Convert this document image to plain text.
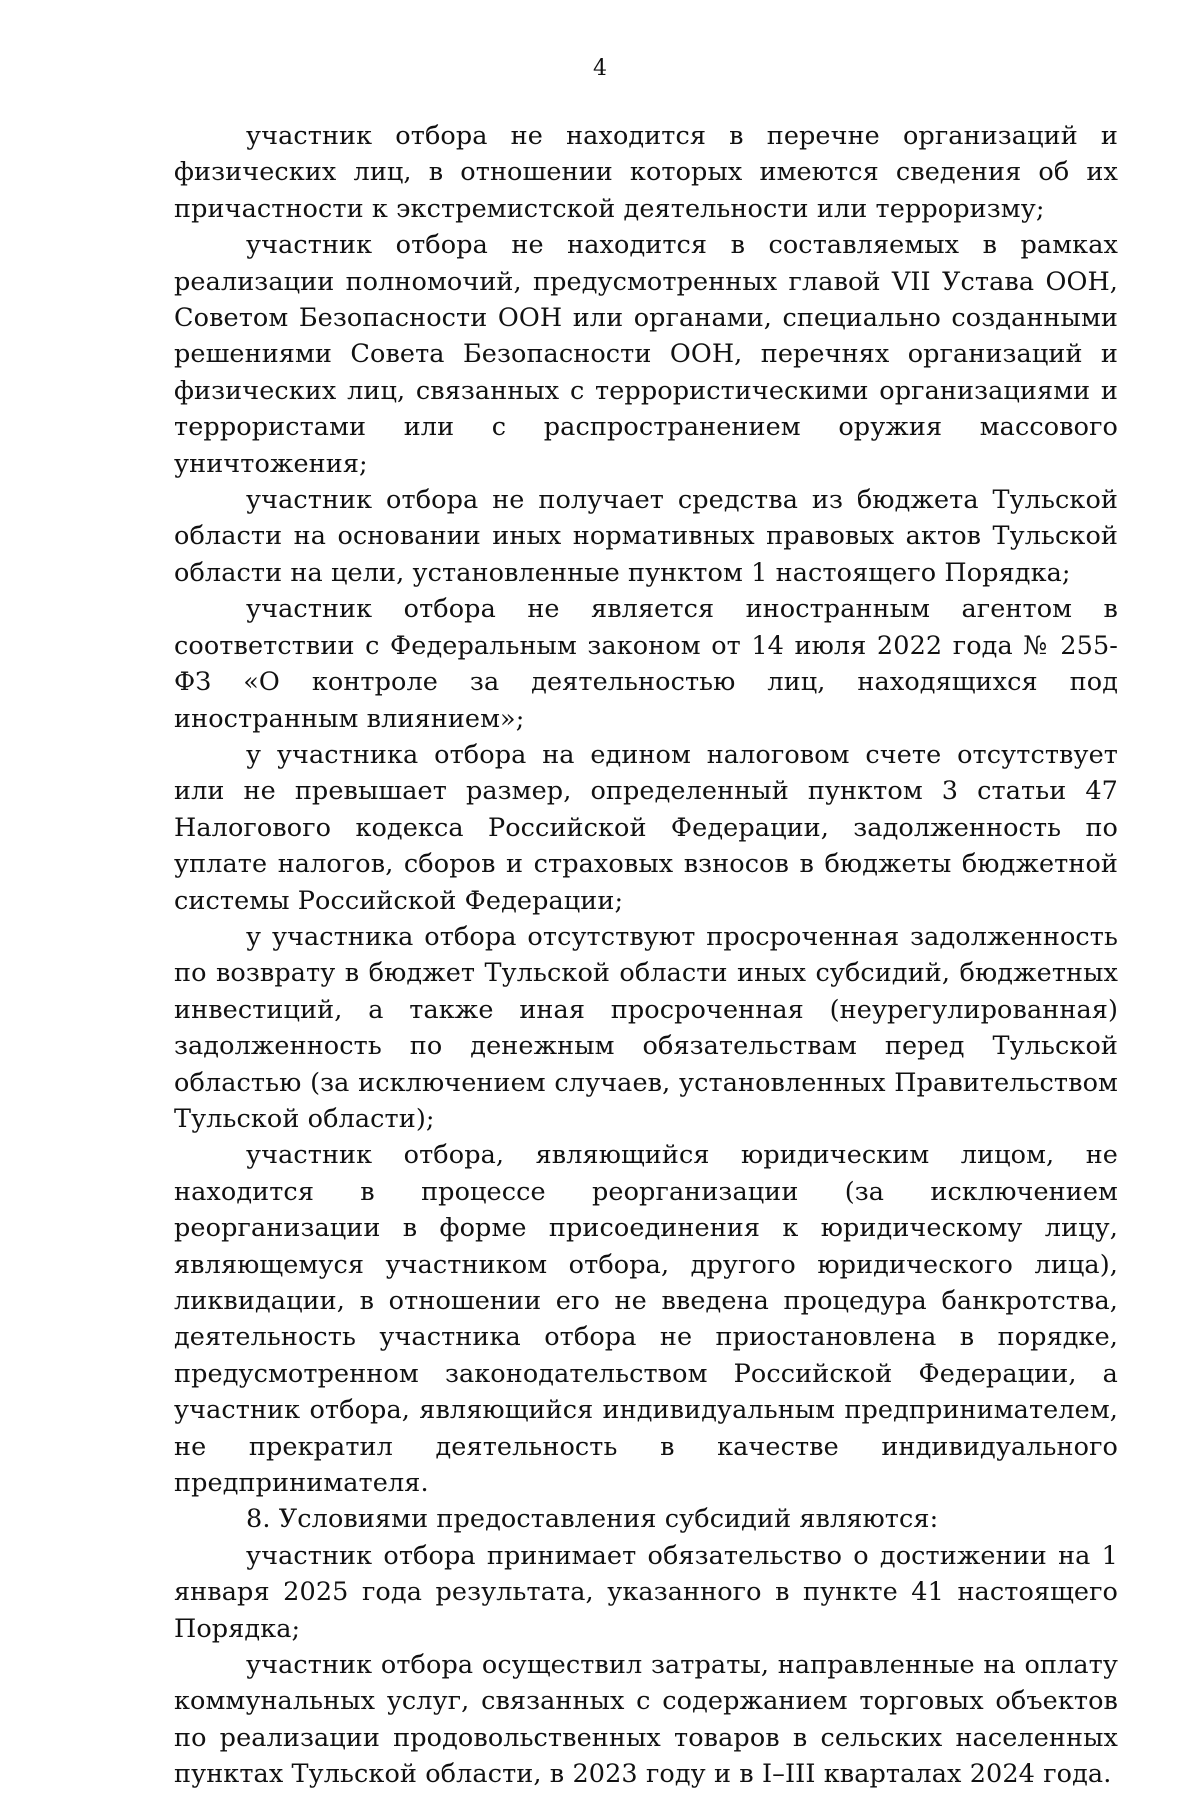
4

участник отбора не находится в перечне организаций и физических лиц, в отношении которых имеются сведения об их причастности к экстремистской деятельности или терроризму;

участник отбора не находится в составляемых в рамках реализации полномочий, предусмотренных главой VII Устава ООН, Советом Безопасности ООН или органами, специально созданными решениями Совета Безопасности ООН, перечнях организаций и физических лиц, связанных с террористическими организациями и террористами или с распространением оружия массового уничтожения;

участник отбора не получает средства из бюджета Тульской области на основании иных нормативных правовых актов Тульской области на цели, установленные пунктом 1 настоящего Порядка;

участник отбора не является иностранным агентом в соответствии с Федеральным законом от 14 июля 2022 года № 255-ФЗ «О контроле за деятельностью лиц, находящихся под иностранным влиянием»;

у участника отбора на едином налоговом счете отсутствует или не превышает размер, определенный пунктом 3 статьи 47 Налогового кодекса Российской Федерации, задолженность по уплате налогов, сборов и страховых взносов в бюджеты бюджетной системы Российской Федерации;

у участника отбора отсутствуют просроченная задолженность по возврату в бюджет Тульской области иных субсидий, бюджетных инвестиций, а также иная просроченная (неурегулированная) задолженность по денежным обязательствам перед Тульской областью (за исключением случаев, установленных Правительством Тульской области);

участник отбора, являющийся юридическим лицом, не находится в процессе реорганизации (за исключением реорганизации в форме присоединения к юридическому лицу, являющемуся участником отбора, другого юридического лица), ликвидации, в отношении его не введена процедура банкротства, деятельность участника отбора не приостановлена в порядке, предусмотренном законодательством Российской Федерации, а участник отбора, являющийся индивидуальным предпринимателем, не прекратил деятельность в качестве индивидуального предпринимателя.

8. Условиями предоставления субсидий являются:

участник отбора принимает обязательство о достижении на 1 января 2025 года результата, указанного в пункте 41 настоящего Порядка;

участник отбора осуществил затраты, направленные на оплату коммунальных услуг, связанных с содержанием торговых объектов по реализации продовольственных товаров в сельских населенных пунктах Тульской области, в 2023 году и в I–III кварталах 2024 года.
